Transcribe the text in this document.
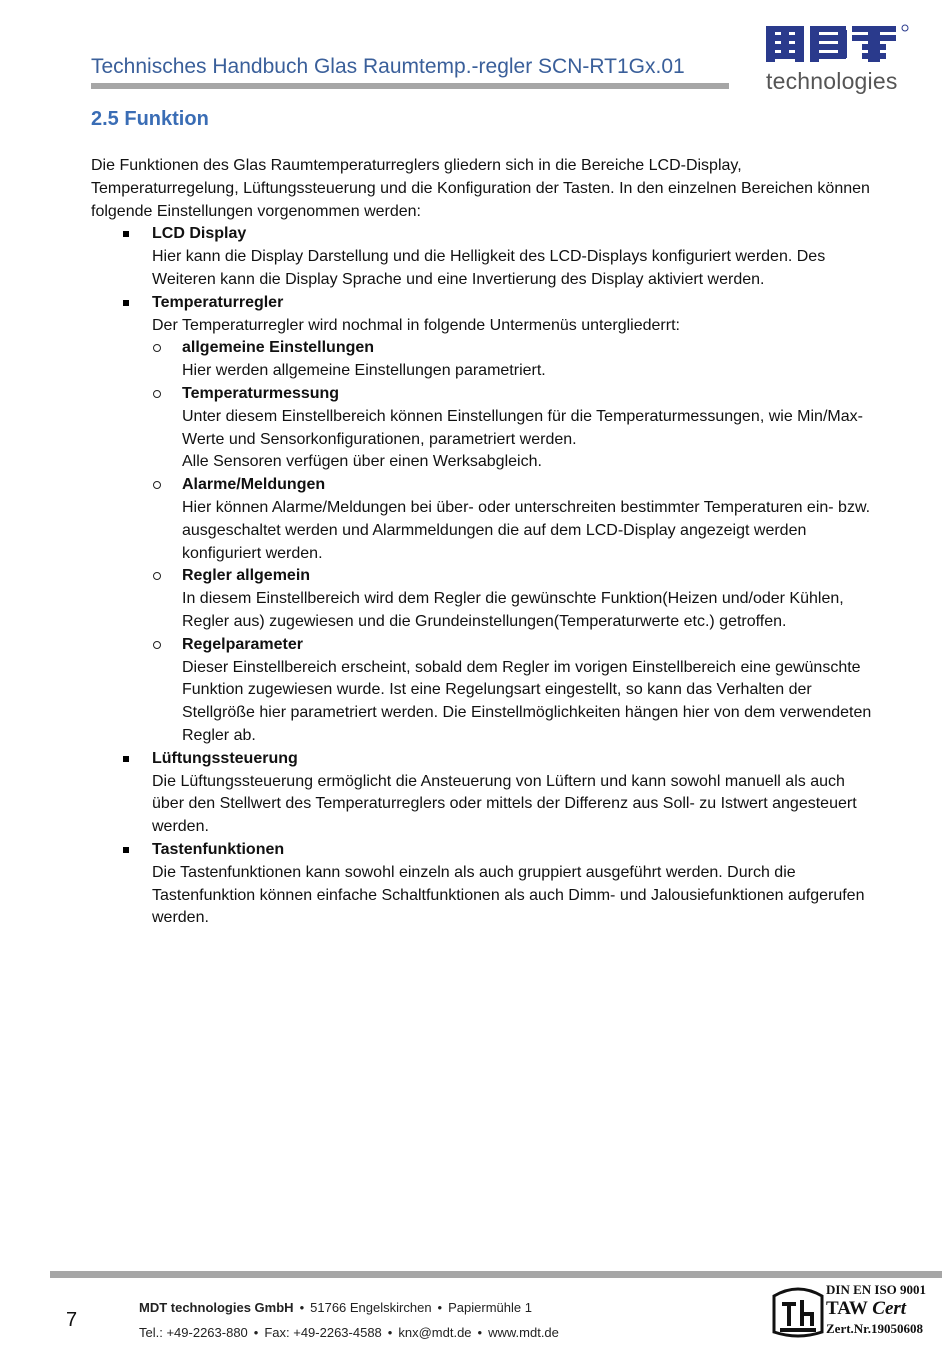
Technisches Handbuch Glas Raumtemp.-regler SCN-RT1Gx.01
technologies
2.5 Funktion

Die Funktionen des Glas Raumtemperaturreglers gliedern sich in die Bereiche LCD-Display, Temperaturregelung, Lüftungssteuerung und die Konfiguration der Tasten. In den einzelnen Bereichen können folgende Einstellungen vorgenommen werden:

LCD Display
Hier kann die Display Darstellung und die Helligkeit des LCD-Displays konfiguriert werden. Des Weiteren kann die Display Sprache und eine Invertierung des Display aktiviert werden.
Temperaturregler
Der Temperaturregler wird nochmal in folgende Untermenüs untergliederrt:
allgemeine Einstellungen
Hier werden allgemeine Einstellungen parametriert.
Temperaturmessung
Unter diesem Einstellbereich können Einstellungen für die Temperaturmessungen, wie Min/Max-Werte und Sensorkonfigurationen, parametriert werden.
Alle Sensoren verfügen über einen Werksabgleich.
Alarme/Meldungen
Hier können Alarme/Meldungen bei über- oder unterschreiten bestimmter Temperaturen ein- bzw. ausgeschaltet werden und Alarmmeldungen die auf dem LCD-Display angezeigt werden konfiguriert werden.
Regler allgemein
In diesem Einstellbereich wird dem Regler die gewünschte Funktion(Heizen und/oder Kühlen, Regler aus) zugewiesen und die Grundeinstellungen(Temperaturwerte etc.) getroffen.
Regelparameter
Dieser Einstellbereich erscheint, sobald dem Regler im vorigen Einstellbereich eine gewünschte Funktion zugewiesen wurde. Ist eine Regelungsart eingestellt, so kann das Verhalten der Stellgröße hier parametriert werden. Die Einstellmöglichkeiten hängen hier von dem verwendeten Regler ab.
Lüftungssteuerung
Die Lüftungssteuerung ermöglicht die Ansteuerung von Lüftern und kann sowohl manuell als auch über den Stellwert des Temperaturreglers oder mittels der Differenz aus Soll- zu Istwert angesteuert werden.
Tastenfunktionen
Die Tastenfunktionen kann sowohl einzeln als auch gruppiert ausgeführt werden. Durch die Tastenfunktion können einfache Schaltfunktionen als auch Dimm- und Jalousiefunktionen aufgerufen werden.
7
MDT technologies GmbH • 51766 Engelskirchen • Papiermühle 1
Tel.: +49-2263-880 • Fax: +49-2263-4588 • knx@mdt.de • www.mdt.de
DIN EN ISO 9001
TAW Cert
Zert.Nr.19050608
